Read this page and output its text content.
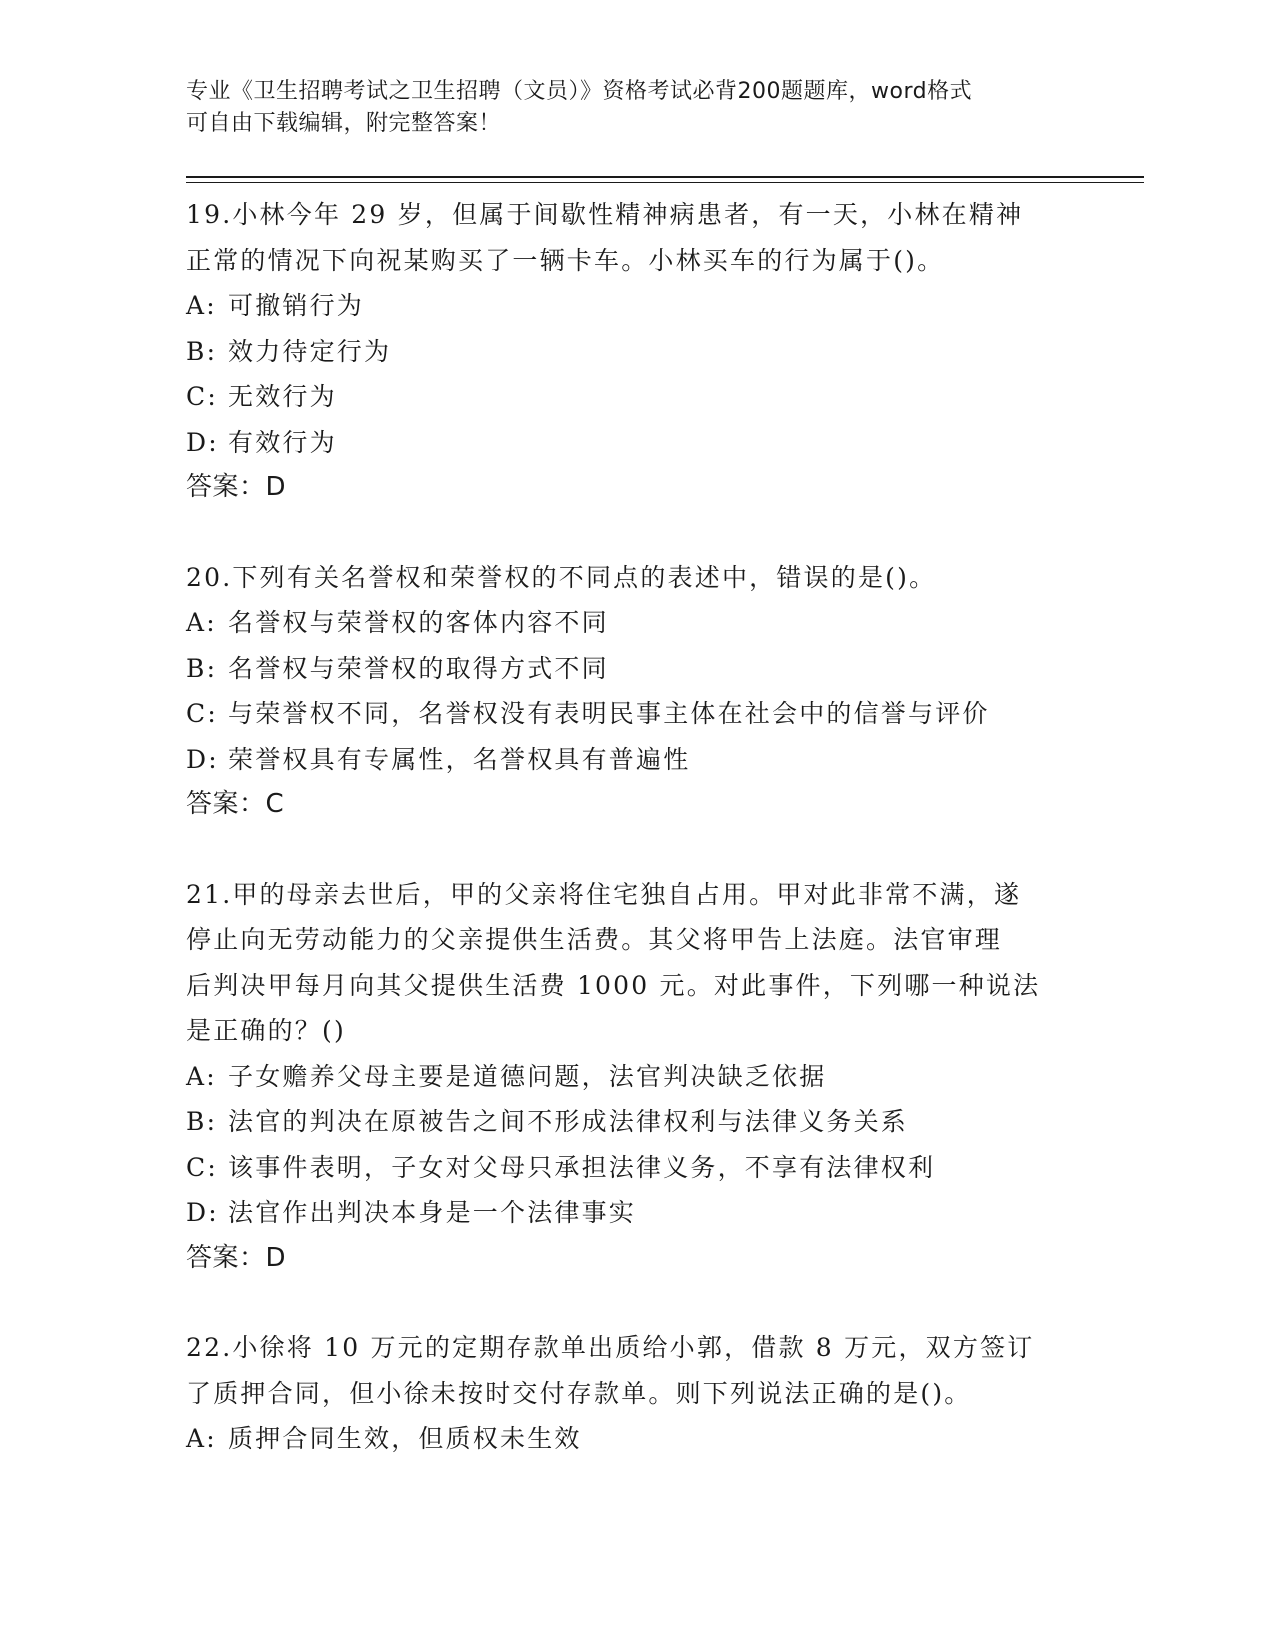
专业《卫生招聘考试之卫生招聘（文员）》资格考试必背200题题库，word格式
可自由下载编辑，附完整答案！

19.小林今年 29 岁，但属于间歇性精神病患者，有一天，小林在精神

正常的情况下向祝某购买了一辆卡车。小林买车的行为属于()。

A: 可撤销行为
B: 效力待定行为
C: 无效行为
D: 有效行为
答案：D

20.下列有关名誉权和荣誉权的不同点的表述中，错误的是()。

A: 名誉权与荣誉权的客体内容不同
B: 名誉权与荣誉权的取得方式不同
C: 与荣誉权不同，名誉权没有表明民事主体在社会中的信誉与评价
D: 荣誉权具有专属性，名誉权具有普遍性
答案：C

21.甲的母亲去世后，甲的父亲将住宅独自占用。甲对此非常不满，遂

停止向无劳动能力的父亲提供生活费。其父将甲告上法庭。法官审理

后判决甲每月向其父提供生活费 1000 元。对此事件，下列哪一种说法

是正确的？()

A: 子女赡养父母主要是道德问题，法官判决缺乏依据
B: 法官的判决在原被告之间不形成法律权利与法律义务关系
C: 该事件表明，子女对父母只承担法律义务，不享有法律权利
D: 法官作出判决本身是一个法律事实
答案：D

22.小徐将 10 万元的定期存款单出质给小郭，借款 8 万元，双方签订

了质押合同，但小徐未按时交付存款单。则下列说法正确的是()。

A: 质押合同生效，但质权未生效
